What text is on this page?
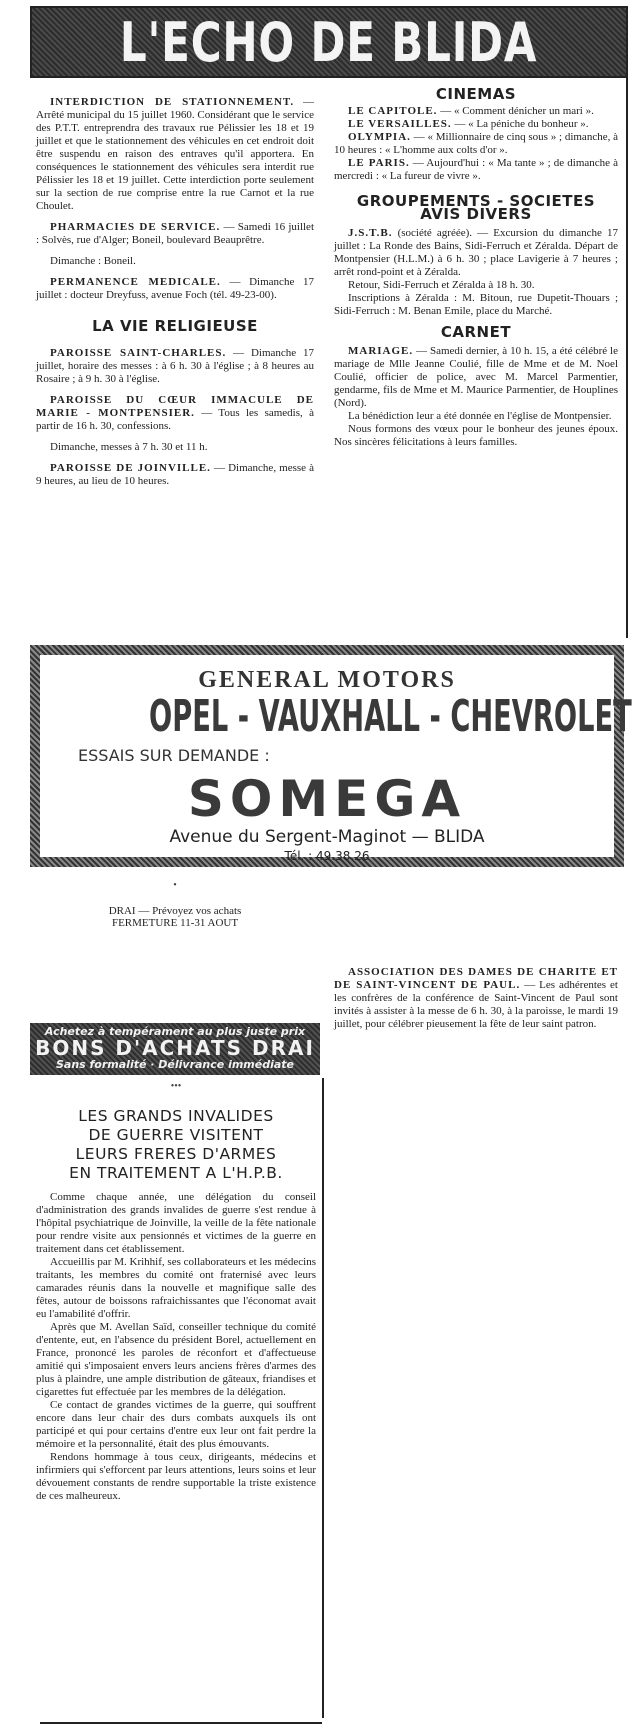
L'ECHO DE BLIDA

INTERDICTION DE STATIONNEMENT. — Arrêté municipal du 15 juillet 1960. Considérant que le service des P.T.T. entreprendra des travaux rue Pélissier les 18 et 19 juillet et que le stationnement des véhicules en cet endroit doit être suspendu en raison des entraves qu'il apportera. En conséquences le stationnement des véhicules sera interdit rue Pélissier les 18 et 19 juillet. Cette interdiction porte seulement sur la section de rue comprise entre la rue Carnot et la rue Choulet.

PHARMACIES DE SERVICE. — Samedi 16 juillet : Solvès, rue d'Alger; Boneil, boulevard Beauprêtre.

Dimanche : Boneil.

PERMANENCE MEDICALE. — Dimanche 17 juillet : docteur Dreyfuss, avenue Foch (tél. 49-23-00).

LA VIE RELIGIEUSE

PAROISSE SAINT-CHARLES. — Dimanche 17 juillet, horaire des messes : à 6 h. 30 à l'église ; à 8 heures au Rosaire ; à 9 h. 30 à l'église.

PAROISSE DU CŒUR IMMACULE DE MARIE - MONTPENSIER. — Tous les samedis, à partir de 16 h. 30, confessions.

Dimanche, messes à 7 h. 30 et 11 h.

PAROISSE DE JOINVILLE. — Dimanche, messe à 9 heures, au lieu de 10 heures.

CINEMAS

LE CAPITOLE. — « Comment dénicher un mari ».

LE VERSAILLES. — « La péniche du bonheur ».

OLYMPIA. — « Millionnaire de cinq sous » ; dimanche, à 10 heures : « L'homme aux colts d'or ».

LE PARIS. — Aujourd'hui : « Ma tante » ; de dimanche à mercredi : « La fureur de vivre ».

GROUPEMENTS - SOCIETES
AVIS DIVERS

J.S.T.B. (société agréée). — Excursion du dimanche 17 juillet : La Ronde des Bains, Sidi-Ferruch et Zéralda. Départ de Montpensier (H.L.M.) à 6 h. 30 ; place Lavigerie à 7 heures ; arrêt rond-point et à Zéralda.

Retour, Sidi-Ferruch et Zéralda à 18 h. 30.

Inscriptions à Zéralda : M. Bitoun, rue Dupetit-Thouars ; Sidi-Ferruch : M. Benan Emile, place du Marché.

CARNET

MARIAGE. — Samedi dernier, à 10 h. 15, a été célébré le mariage de Mlle Jeanne Coulié, fille de Mme et de M. Noel Coulié, officier de police, avec M. Marcel Parmentier, gendarme, fils de Mme et M. Maurice Parmentier, de Houplines (Nord).

La bénédiction leur a été donnée en l'église de Montpensier.

Nous formons des vœux pour le bonheur des jeunes époux. Nos sincères félicitations à leurs familles.

GENERAL MOTORS
OPEL - VAUXHALL - CHEVROLET
ESSAIS SUR DEMANDE :
SOMEGA
Avenue du Sergent-Maginot — BLIDA
Tél. : 49.38.26
•
DRAI — Prévoyez vos achats
FERMETURE 11-31 AOUT
Achetez à tempérament au plus juste prix
BONS D'ACHATS DRAI
Sans formalité · Délivrance immédiate

ASSOCIATION DES DAMES DE CHARITE ET DE SAINT-VINCENT DE PAUL. — Les adhérentes et les confrères de la conférence de Saint-Vincent de Paul sont invités à assister à la messe de 6 h. 30, à la paroisse, le mardi 19 juillet, pour célébrer pieusement la fête de leur saint patron.

•••
LES GRANDS INVALIDES
DE GUERRE VISITENT
LEURS FRERES D'ARMES
EN TRAITEMENT A L'H.P.B.

Comme chaque année, une délégation du conseil d'administration des grands invalides de guerre s'est rendue à l'hôpital psychiatrique de Joinville, la veille de la fête nationale pour rendre visite aux pensionnés et victimes de la guerre en traitement dans cet établissement.

Accueillis par M. Krihhif, ses collaborateurs et les médecins traitants, les membres du comité ont fraternisé avec leurs camarades réunis dans la nouvelle et magnifique salle des fêtes, autour de boissons rafraichissantes que l'économat avait eu l'amabilité d'offrir.

Après que M. Avellan Saïd, conseiller technique du comité d'entente, eut, en l'absence du président Borel, actuellement en France, prononcé les paroles de réconfort et d'affectueuse amitié qui s'imposaient envers leurs anciens frères d'armes des plus à plaindre, une ample distribution de gâteaux, friandises et cigarettes fut effectuée par les membres de la délégation.

Ce contact de grandes victimes de la guerre, qui souffrent encore dans leur chair des durs combats auxquels ils ont participé et qui pour certains d'entre eux leur ont fait perdre la mémoire et la personnalité, était des plus émouvants.

Rendons hommage à tous ceux, dirigeants, médecins et infirmiers qui s'efforcent par leurs attentions, leurs soins et leur dévouement constants de rendre supportable la triste existence de ces malheureux.
